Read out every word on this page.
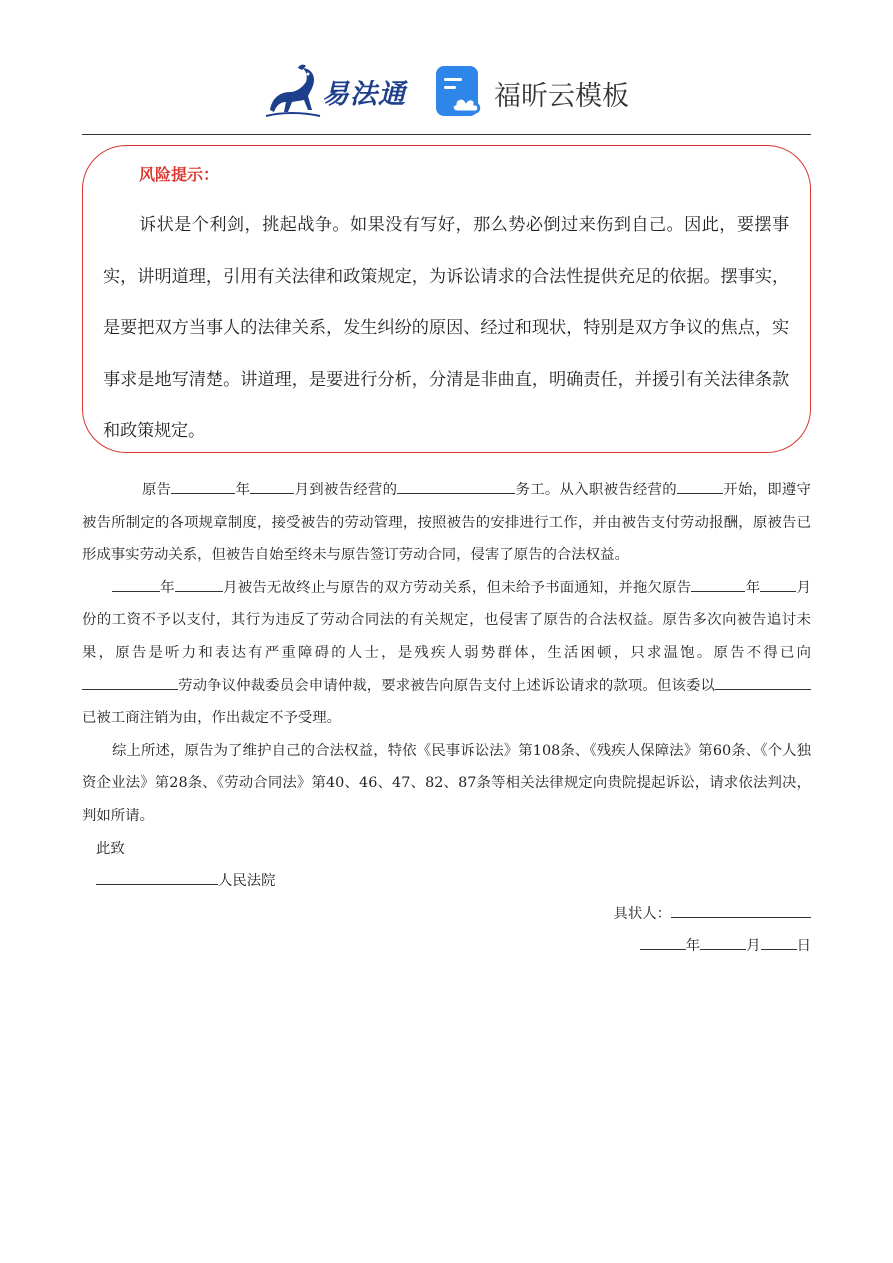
易法通	福昕云模板
风险提示：
诉状是个利剑，挑起战争。如果没有写好，那么势必倒过来伤到自己。因此，要摆事实，讲明道理，引用有关法律和政策规定，为诉讼请求的合法性提供充足的依据。摆事实，是要把双方当事人的法律关系，发生纠纷的原因、经过和现状，特别是双方争议的焦点，实事求是地写清楚。讲道理，是要进行分析，分清是非曲直，明确责任，并援引有关法律条款和政策规定。

原告	年	月到被告经营的	务工。从入职被告经营的	开始，即遵守被告所制定的各项规章制度，接受被告的劳动管理，按照被告的安排进行工作，并由被告支付劳动报酬，原被告已形成事实劳动关系，但被告自始至终未与原告签订劳动合同，侵害了原告的合法权益。

年	月被告无故终止与原告的双方劳动关系，但未给予书面通知，并拖欠原告	年	月份的工资不予以支付，其行为违反了劳动合同法的有关规定，也侵害了原告的合法权益。原告多次向被告追讨未果，原告是听力和表达有严重障碍的人士，是残疾人弱势群体，生活困顿，只求温饱。原告不得已向劳动争议仲裁委员会申请仲裁，要求被告向原告支付上述诉讼请求的款项。但该委以已被工商注销为由，作出裁定不予受理。

综上所述，原告为了维护自己的合法权益，特依《民事诉讼法》第108条、《残疾人保障法》第60条、《个人独资企业法》第28条、《劳动合同法》第40、46、47、82、87条等相关法律规定向贵院提起诉讼，请求依法判决，判如所请。

此致

人民法院

具状人：

年	月	日
